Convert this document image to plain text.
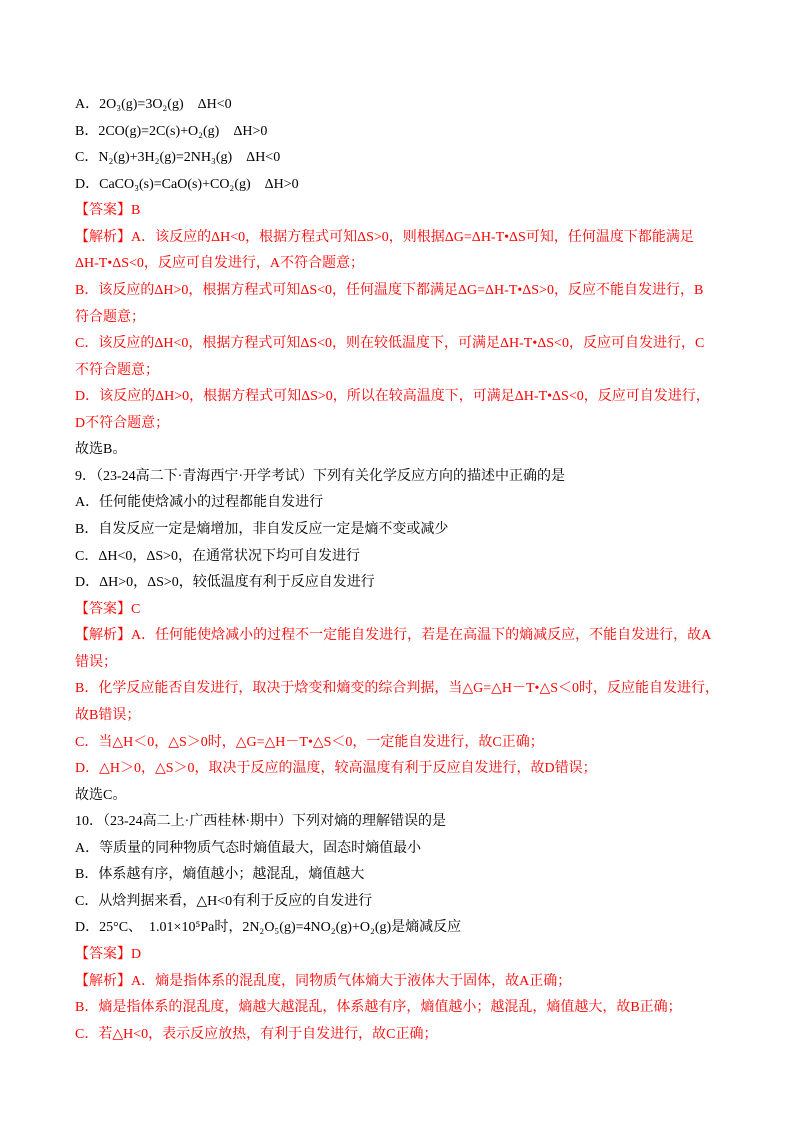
A．2O₃(g)=3O₂(g)　ΔH<0
B．2CO(g)=2C(s)+O₂(g)　ΔH>0
C．N₂(g)+3H₂(g)=2NH₃(g)　ΔH<0
D．CaCO₃(s)=CaO(s)+CO₂(g)　ΔH>0
【答案】B
【解析】A．该反应的ΔH<0，根据方程式可知ΔS>0，则根据ΔG=ΔH-T•ΔS可知，任何温度下都能满足
ΔH-T•ΔS<0，反应可自发进行，A不符合题意；
B．该反应的ΔH>0，根据方程式可知ΔS<0，任何温度下都满足ΔG=ΔH-T•ΔS>0，反应不能自发进行，B
符合题意；
C．该反应的ΔH<0，根据方程式可知ΔS<0，则在较低温度下，可满足ΔH-T•ΔS<0，反应可自发进行，C
不符合题意；
D．该反应的ΔH>0，根据方程式可知ΔS>0，所以在较高温度下，可满足ΔH-T•ΔS<0，反应可自发进行，
D不符合题意；
故选B。
9．（23-24高二下·青海西宁·开学考试）下列有关化学反应方向的描述中正确的是
A．任何能使焓减小的过程都能自发进行
B．自发反应一定是熵增加，非自发反应一定是熵不变或减少
C．ΔH<0，ΔS>0，在通常状况下均可自发进行
D．ΔH>0，ΔS>0，较低温度有利于反应自发进行
【答案】C
【解析】A．任何能使焓减小的过程不一定能自发进行，若是在高温下的熵减反应，不能自发进行，故A
错误；
B．化学反应能否自发进行，取决于焓变和熵变的综合判据，当△G=△H－T•△S＜0时，反应能自发进行，
故B错误；
C．当△H＜0，△S＞0时，△G=△H－T•△S＜0，一定能自发进行，故C正确；
D．△H＞0，△S＞0，取决于反应的温度，较高温度有利于反应自发进行，故D错误；
故选C。
10．（23-24高二上·广西桂林·期中）下列对熵的理解错误的是
A．等质量的同种物质气态时熵值最大，固态时熵值最小
B．体系越有序，熵值越小；越混乱，熵值越大
C．从焓判据来看，△H<0有利于反应的自发进行
D．25°C、　1.01×10⁵Pa时，2N₂O₅(g)=4NO₂(g)+O₂(g)是熵减反应
【答案】D
【解析】A．熵是指体系的混乱度，同物质气体熵大于液体大于固体，故A正确；
B．熵是指体系的混乱度，熵越大越混乱，体系越有序，熵值越小；越混乱，熵值越大，故B正确；
C．若△H<0，表示反应放热，有利于自发进行，故C正确；
